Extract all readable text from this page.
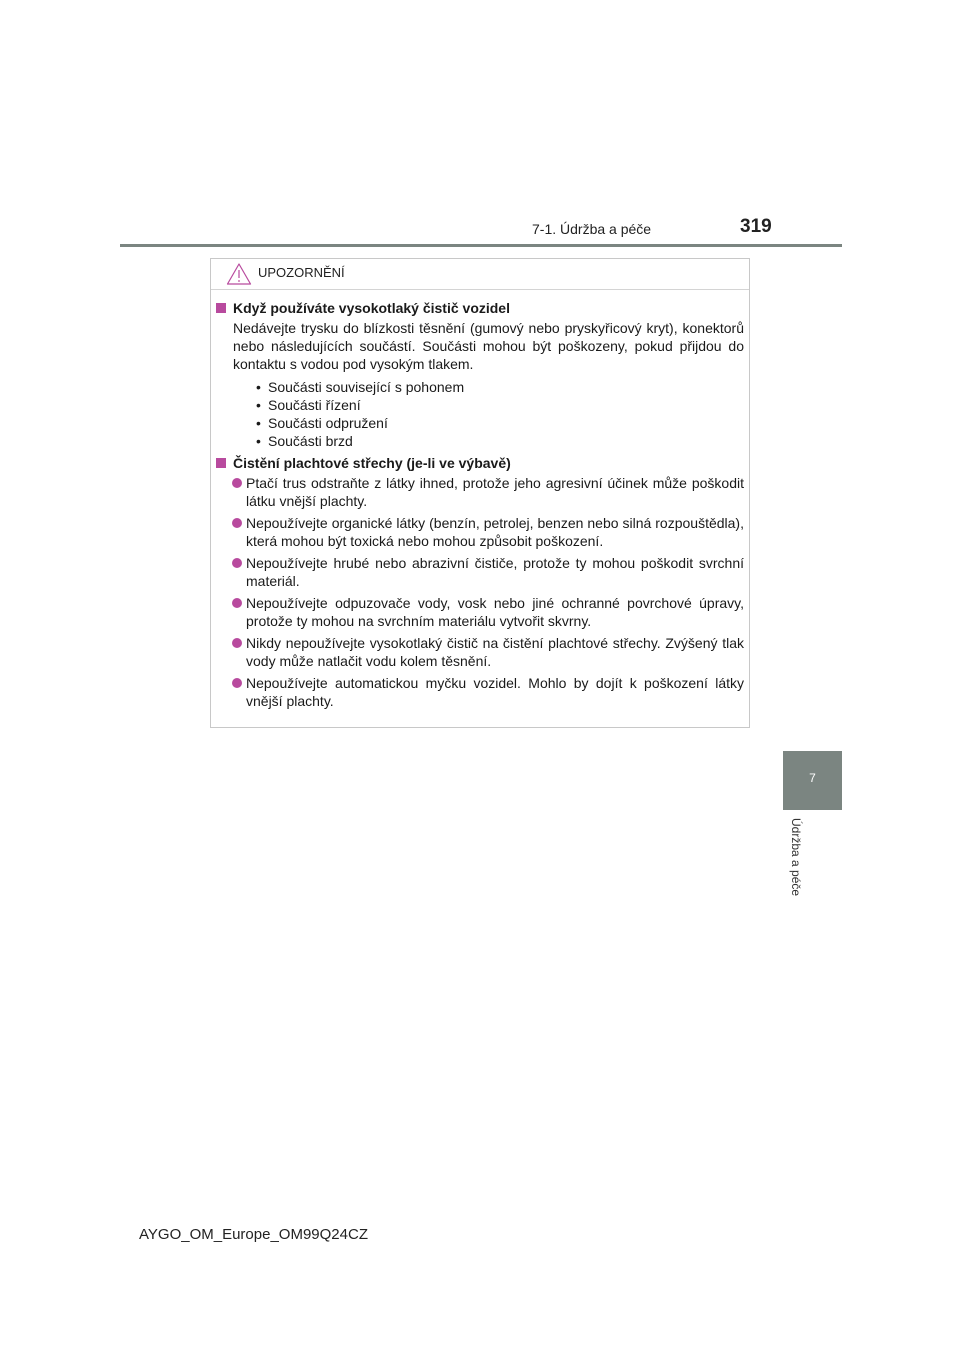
7-1. Údržba a péče	319
7
Údržba a péče
UPOZORNĚNÍ
Když používáte vysokotlaký čistič vozidel
Nedávejte trysku do blízkosti těsnění (gumový nebo pryskyřicový kryt), konektorů nebo následujících součástí. Součásti mohou být poškozeny, pokud přijdou do kontaktu s vodou pod vysokým tlakem.
• Součásti související s pohonem
• Součásti řízení
• Součásti odpružení
• Součásti brzd
Čistění plachtové střechy (je-li ve výbavě)
Ptačí trus odstraňte z látky ihned, protože jeho agresivní účinek může poškodit látku vnější plachty.
Nepoužívejte organické látky (benzín, petrolej, benzen nebo silná rozpouštědla), která mohou být toxická nebo mohou způsobit poškození.
Nepoužívejte hrubé nebo abrazivní čističe, protože ty mohou poškodit svrchní materiál.
Nepoužívejte odpuzovače vody, vosk nebo jiné ochranné povrchové úpravy, protože ty mohou na svrchním materiálu vytvořit skvrny.
Nikdy nepoužívejte vysokotlaký čistič na čistění plachtové střechy. Zvýšený tlak vody může natlačit vodu kolem těsnění.
Nepoužívejte automatickou myčku vozidel. Mohlo by dojít k poškození látky vnější plachty.
AYGO_OM_Europe_OM99Q24CZ
